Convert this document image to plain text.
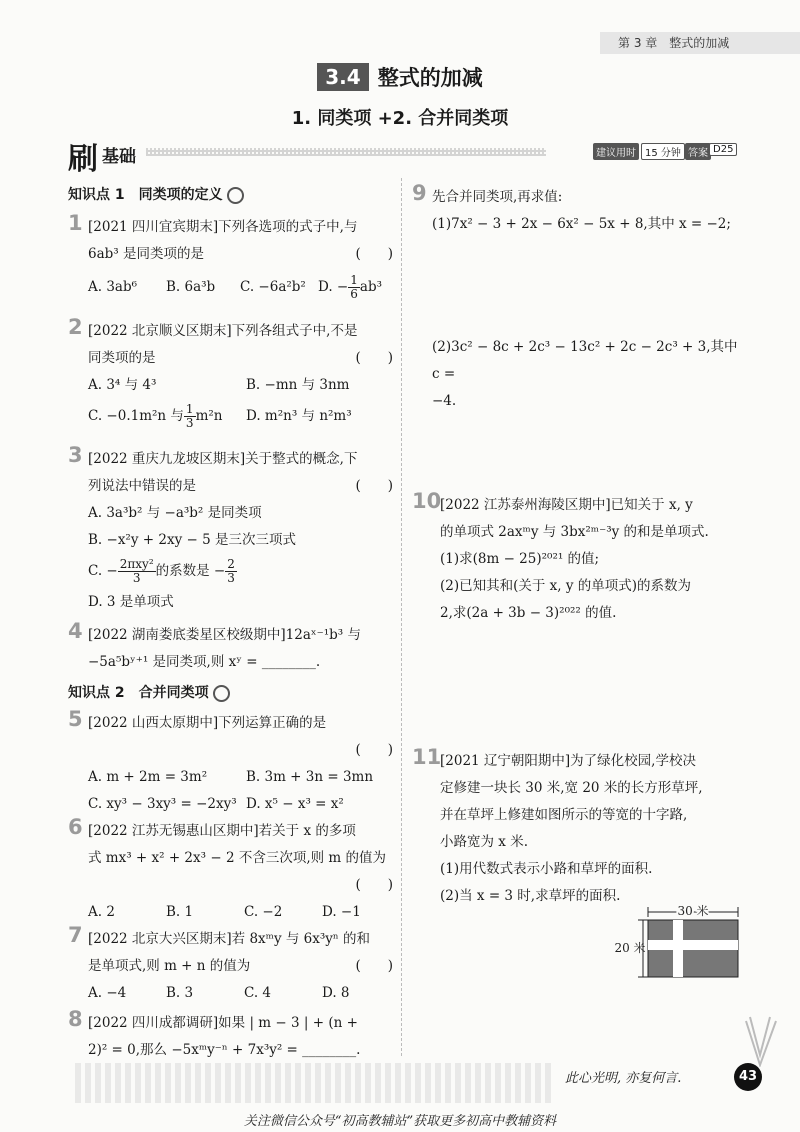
第 3 章　整式的加减
3.4 整式的加减
1. 同类项 +2. 合并同类项
刷 基础	建议用时 15 分钟 答案 D25
知识点 1　同类项的定义
1 [2021 四川宜宾期末]下列各选项的式子中,与
6ab³ 是同类项的是	(　　)
A. 3ab⁶ B. 6a³b C. −6a²b² D. − $\frac{1}{6} ab^3$
2 [2022 北京顺义区期末]下列各组式子中,不是
同类项的是	(　　)
A. 3⁴ 与 4³	B. −mn 与 3nm
C. −0.1m²n 与 $\frac{1}{3} m^2n$ D. m²n³ 与 n²m³
3 [2022 重庆九龙坡区期末]关于整式的概念,下
列说法中错误的是	(　　)
A. 3a³b² 与 −a³b² 是同类项
B. −x²y + 2xy − 5 是三次三项式
C. − $\frac{\text{2πxy²}}{3}$ 的系数是 − $\frac{2}{3}$
D. 3 是单项式
4 [2022 湖南娄底娄星区校级期中]12aˣ⁻¹b³ 与
−5a⁵bʸ⁺¹ 是同类项,则 xʸ = ________.
知识点 2　合并同类项
5 [2022 山西太原期中]下列运算正确的是
(　　)

A. m + 2m = 3m²	B. 3m + 3n = 3mn
C. xy³ − 3xy³ = −2xy³ D. x⁵ − x³ = x²
6 [2022 江苏无锡惠山区期中]若关于 x 的多项
式 mx³ + x² + 2x³ − 2 不含三次项,则 m 的值为
(　　)

A. 2	B. 1	C. −2	D. −1
7 [2022 北京大兴区期末]若 8xᵐy 与 6x³yⁿ 的和
是单项式,则 m + n 的值为	(　　)
A. −4	B. 3	C. 4	D. 8
8 [2022 四川成都调研]如果 | m − 3 | + (n +
2)² = 0,那么 −5xᵐy⁻ⁿ + 7x³y² = ________.
9 先合并同类项,再求值:
(1)7x² − 3 + 2x − 6x² − 5x + 8,其中 x = −2;
(2)3c² − 8c + 2c³ − 13c² + 2c − 2c³ + 3,其中 c =
−4.
10
[2022 江苏泰州海陵区期中]已知关于 x, y
的单项式 2axᵐy 与 3bx²ᵐ⁻³y 的和是单项式.
(1)求(8m − 25)²⁰²¹ 的值;
(2)已知其和(关于 x, y 的单项式)的系数为
2,求(2a + 3b − 3)²⁰²² 的值.
11
[2021 辽宁朝阳期中]为了绿化校园,学校决
定修建一块长 30 米,宽 20 米的长方形草坪,
并在草坪上修建如图所示的等宽的十字路,
小路宽为 x 米.
(1)用代数式表示小路和草坪的面积.
(2)当 x = 3 时,求草坪的面积.
30 米
20 米
此心光明, 亦复何言.	43
关注微信公众号“初高教辅站”获取更多初高中教辅资料
